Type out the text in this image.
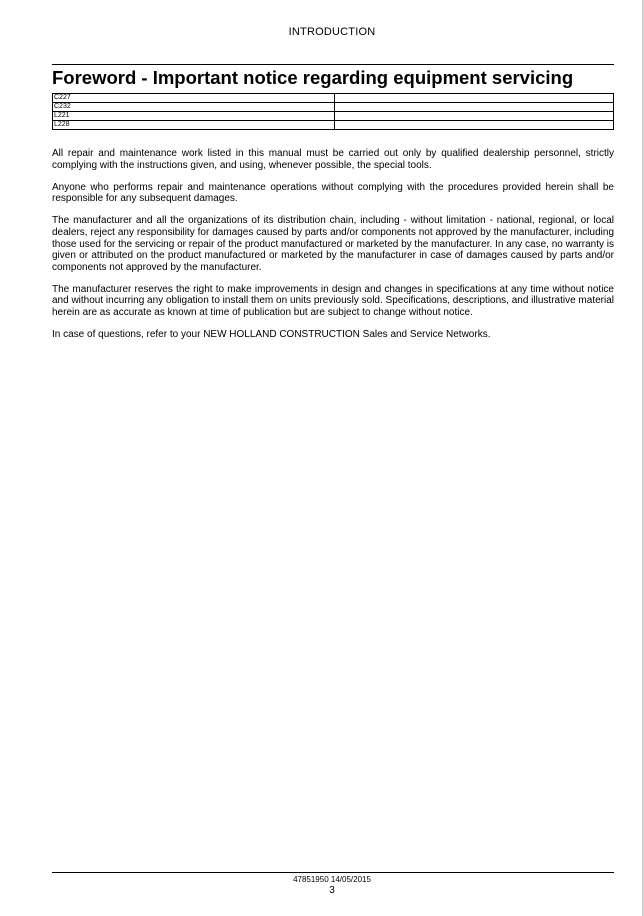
INTRODUCTION
Foreword - Important notice regarding equipment servicing
C227	
C232	
L221	
L228	

All repair and maintenance work listed in this manual must be carried out only by qualified dealership personnel, strictly complying with the instructions given, and using, whenever possible, the special tools.

Anyone who performs repair and maintenance operations without complying with the procedures provided herein shall be responsible for any subsequent damages.

The manufacturer and all the organizations of its distribution chain, including - without limitation - national, regional, or local dealers, reject any responsibility for damages caused by parts and/or components not approved by the manufacturer, including those used for the servicing or repair of the product manufactured or marketed by the manufacturer. In any case, no warranty is given or attributed on the product manufactured or marketed by the manufacturer in case of damages caused by parts and/or components not approved by the manufacturer.

The manufacturer reserves the right to make improvements in design and changes in specifications at any time without notice and without incurring any obligation to install them on units previously sold. Specifications, descriptions, and illustrative material herein are as accurate as known at time of publication but are subject to change without notice.

In case of questions, refer to your NEW HOLLAND CONSTRUCTION Sales and Service Networks.

47851950 14/05/2015
3
